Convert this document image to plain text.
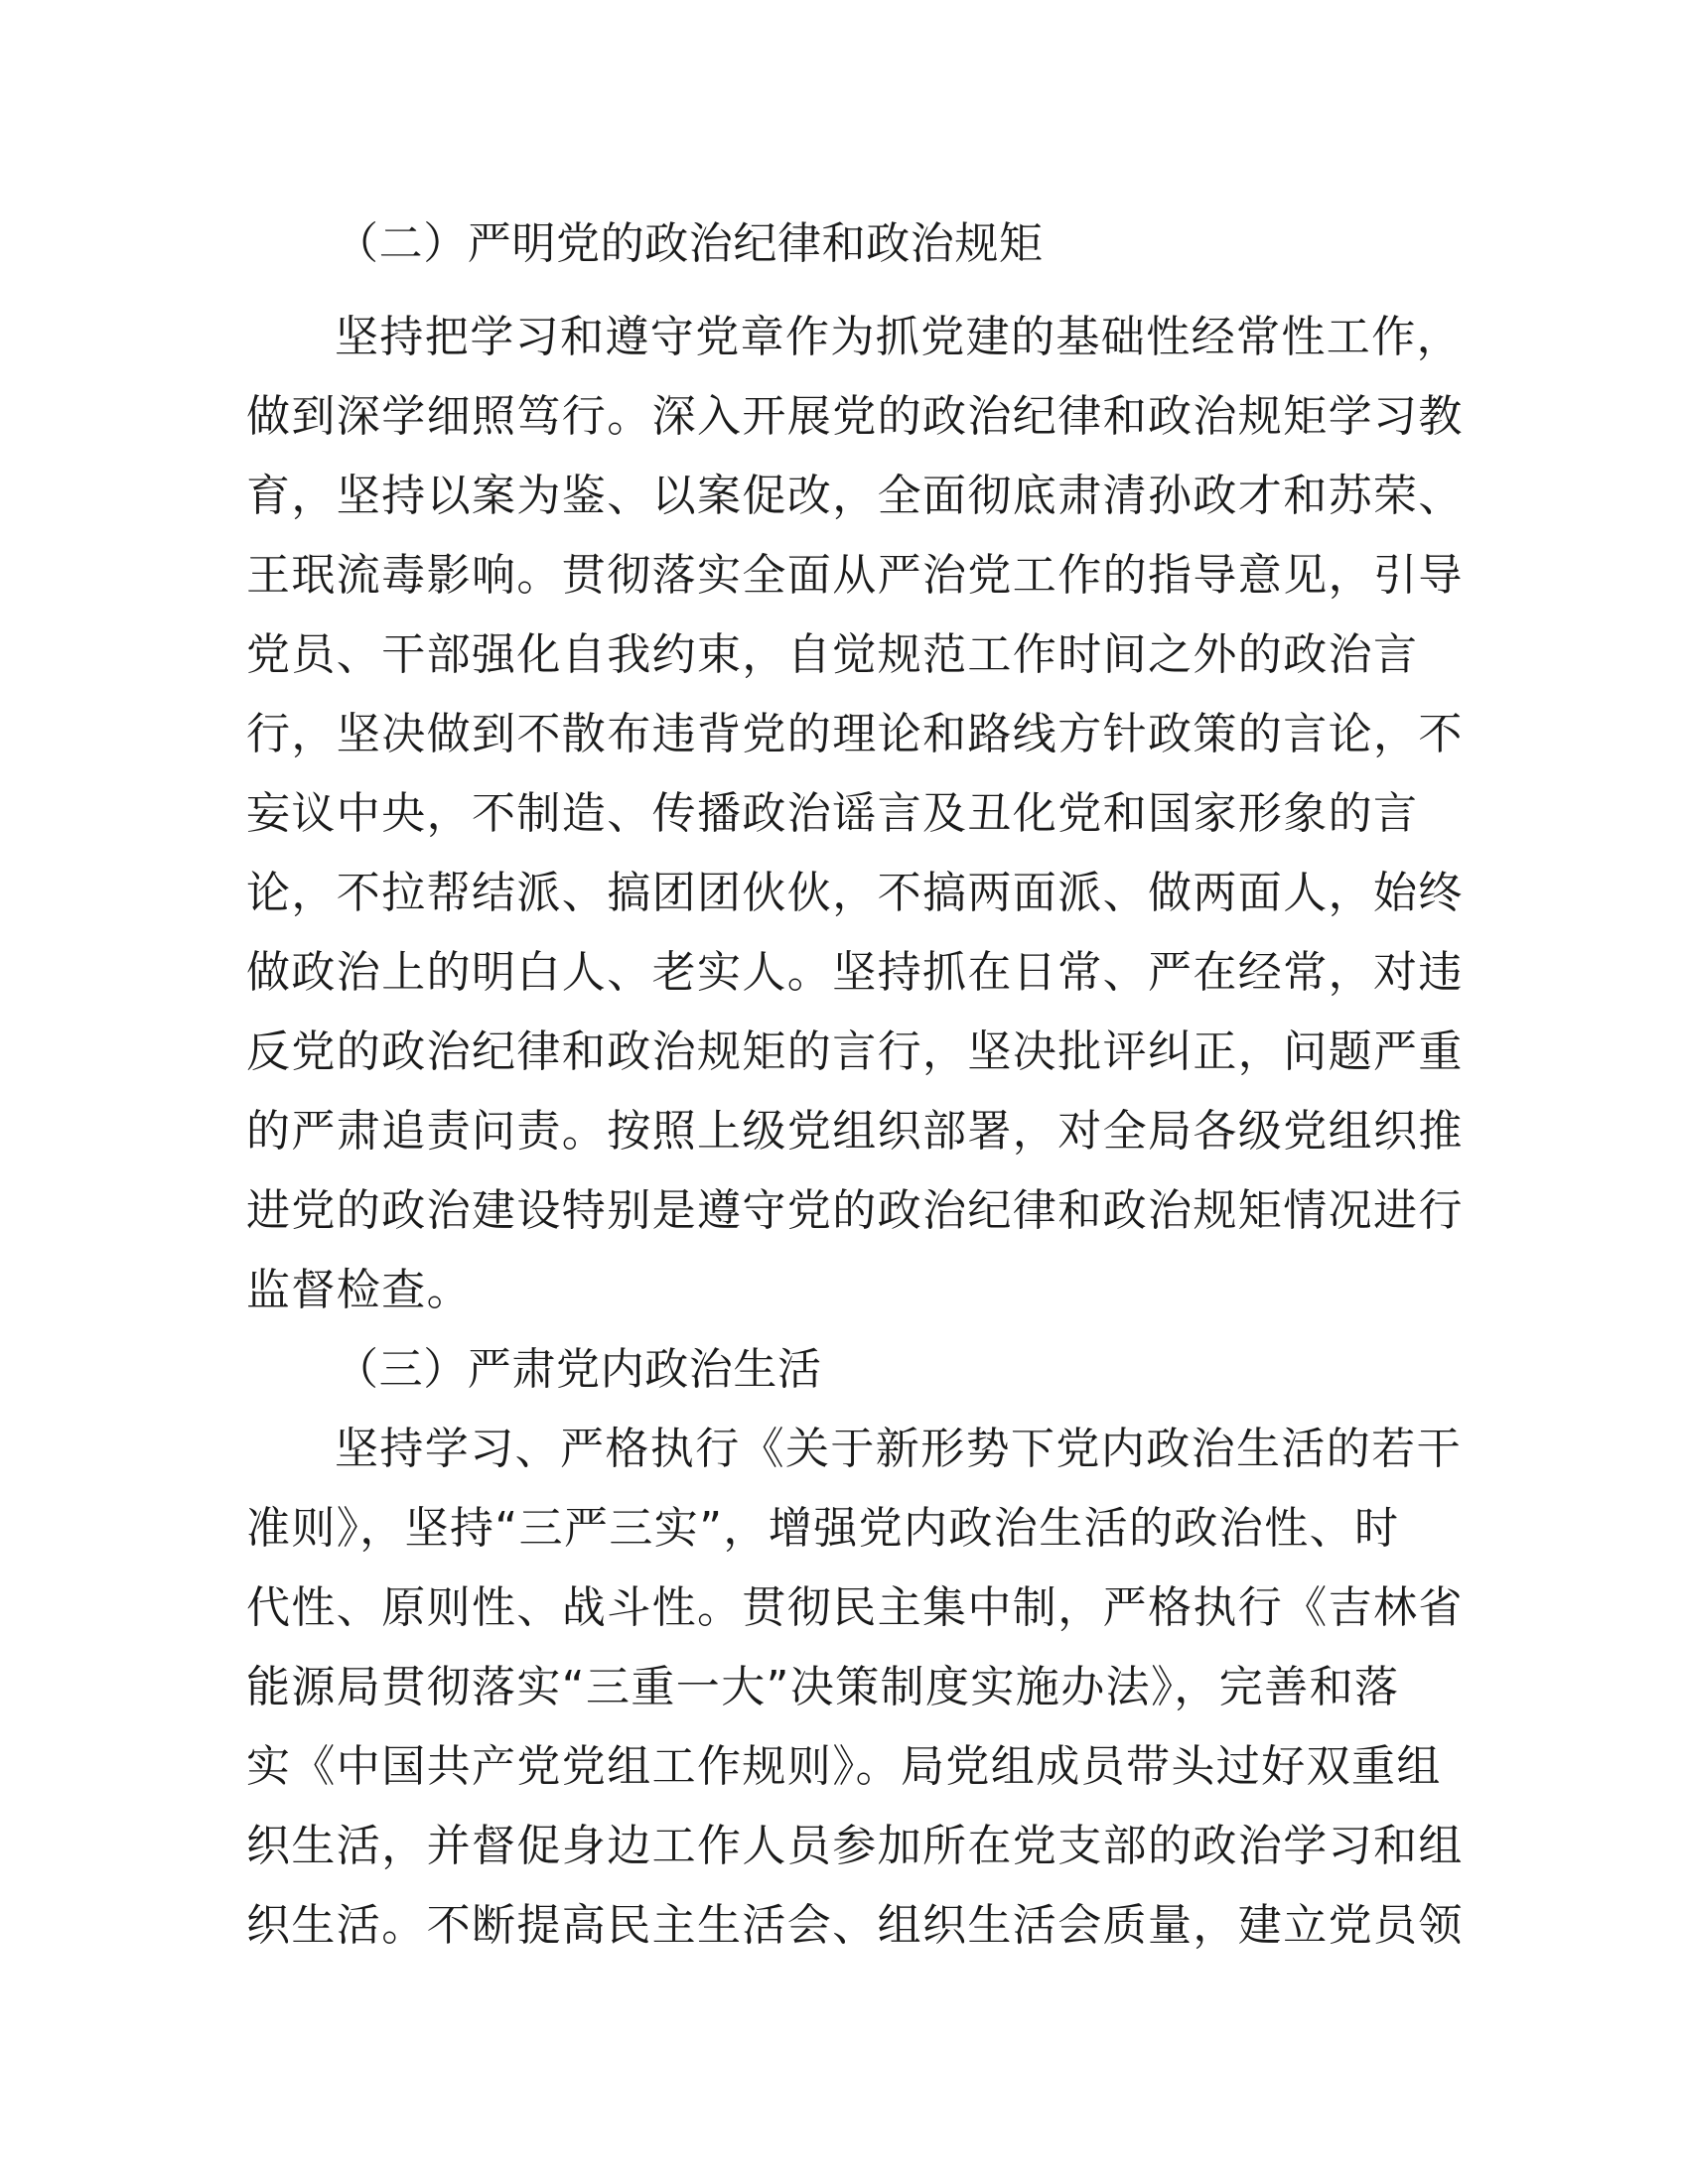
（二）严明党的政治纪律和政治规矩
坚持把学习和遵守党章作为抓党建的基础性经常性工作，
做到深学细照笃行。深入开展党的政治纪律和政治规矩学习教
育，坚持以案为鉴、以案促改，全面彻底肃清孙政才和苏荣、
王珉流毒影响。贯彻落实全面从严治党工作的指导意见，引导
党员、干部强化自我约束，自觉规范工作时间之外的政治言
行，坚决做到不散布违背党的理论和路线方针政策的言论，不
妄议中央，不制造、传播政治谣言及丑化党和国家形象的言
论，不拉帮结派、搞团团伙伙，不搞两面派、做两面人，始终
做政治上的明白人、老实人。坚持抓在日常、严在经常，对违
反党的政治纪律和政治规矩的言行，坚决批评纠正，问题严重
的严肃追责问责。按照上级党组织部署，对全局各级党组织推
进党的政治建设特别是遵守党的政治纪律和政治规矩情况进行
监督检查。
（三）严肃党内政治生活
坚持学习、严格执行《关于新形势下党内政治生活的若干
准则》，坚持“三严三实”，增强党内政治生活的政治性、时
代性、原则性、战斗性。贯彻民主集中制，严格执行《吉林省
能源局贯彻落实“三重一大”决策制度实施办法》，完善和落
实《中国共产党党组工作规则》。局党组成员带头过好双重组
织生活，并督促身边工作人员参加所在党支部的政治学习和组
织生活。不断提高民主生活会、组织生活会质量，建立党员领
